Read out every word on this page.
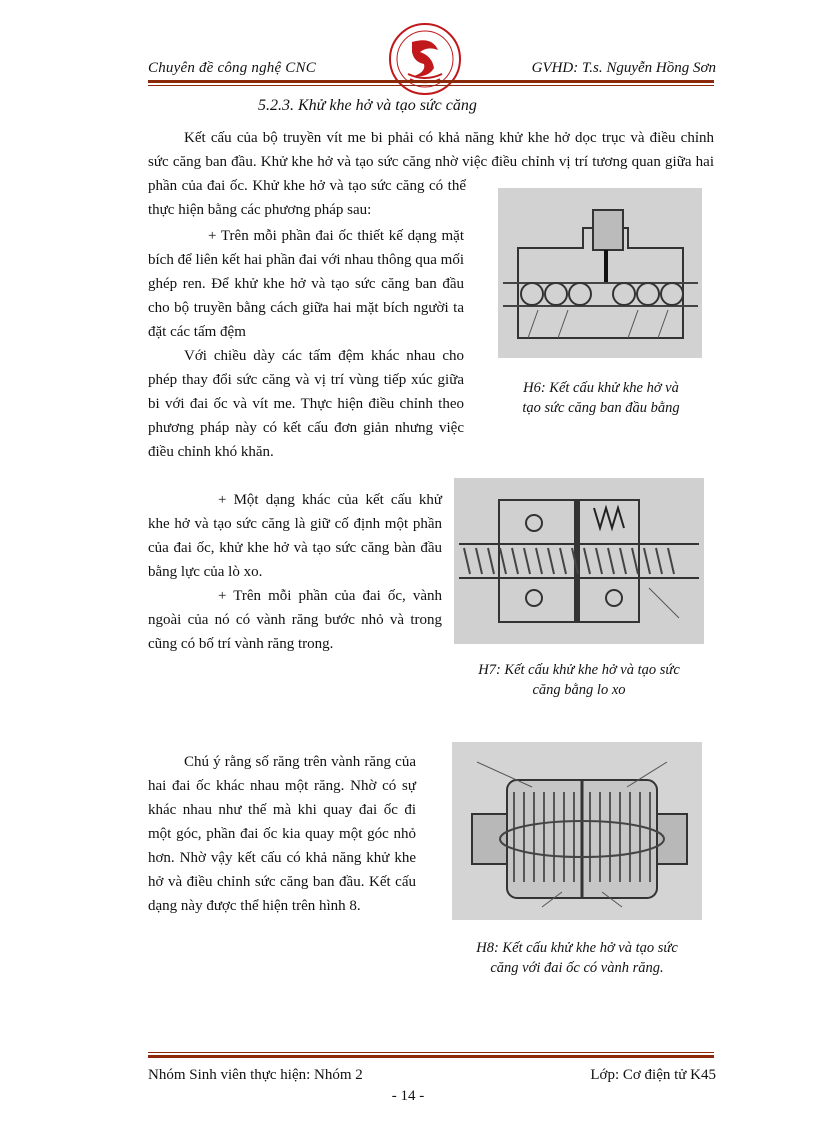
Chuyên đề công nghệ CNC	GVHD: T.s. Nguyễn Hồng Sơn
5.2.3. Khử khe hở và tạo sức căng

Kết cấu của bộ truyền vít me bi phải có khả năng khử khe hở dọc trục và điều chỉnh

sức căng ban đầu. Khử khe hở và tạo sức căng nhờ việc điều chỉnh vị trí tương quan giữa hai

phần của đai ốc. Khử khe hở và tạo sức căng có thể thực hiện bằng các phương pháp sau:

+ Trên mỗi phần đai ốc thiết kế dạng mặt bích để liên kết hai phần đai với nhau thông qua mối ghép ren. Để khử khe hở và tạo sức căng ban đầu cho bộ truyền bằng cách giữa hai mặt bích người ta đặt các tấm đệm

Với chiều dày các tấm đệm khác nhau cho phép thay đổi sức căng và vị trí vùng tiếp xúc giữa bi với đai ốc và vít me. Thực hiện điều chỉnh theo phương pháp này có kết cấu đơn giản nhưng việc điều chỉnh khó khăn.

H6: Kết cấu khử khe hở và
tạo sức căng ban đầu bằng

+ Một dạng khác của kết cấu khử khe hở và tạo sức căng là giữ cố định một phần của đai ốc, khử khe hở và tạo sức căng bàn đầu bằng lực của lò xo.

+ Trên mỗi phần của đai ốc, vành ngoài của nó có vành răng bước nhỏ và trong cũng có bố trí vành răng trong.

H7: Kết cấu khử khe hở và tạo sức
căng bằng lo xo

Chú ý rằng số răng trên vành răng của hai đai ốc khác nhau một răng. Nhờ có sự khác nhau như thế mà khi quay đai ốc đi một góc, phần đai ốc kia quay một góc nhỏ hơn. Nhờ vậy kết cấu có khả năng khử khe hở và điều chỉnh sức căng ban đầu. Kết cấu dạng này được thể hiện trên hình 8.

H8: Kết cấu khử khe hở và tạo sức
căng với đai ốc có vành răng.
Nhóm Sinh viên thực hiện: Nhóm 2	Lớp: Cơ điện tử K45
- 14 -
